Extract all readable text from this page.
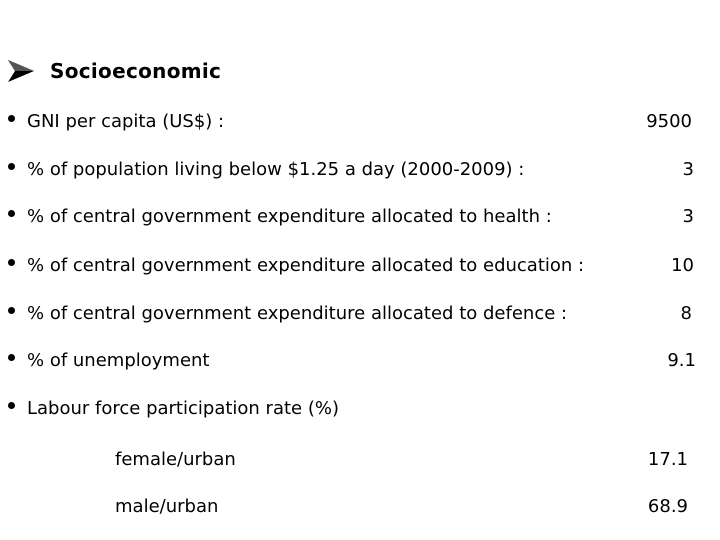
Socioeconomic
GNI per capita (US$) :	9500
% of population living below $1.25 a day (2000-2009) :	3
% of central government expenditure allocated to health :	3
% of central government expenditure allocated to education :	10
% of central government expenditure allocated to defence :	8
% of unemployment	9.1
Labour force participation rate (%)
female/urban	17.1
male/urban	68.9
